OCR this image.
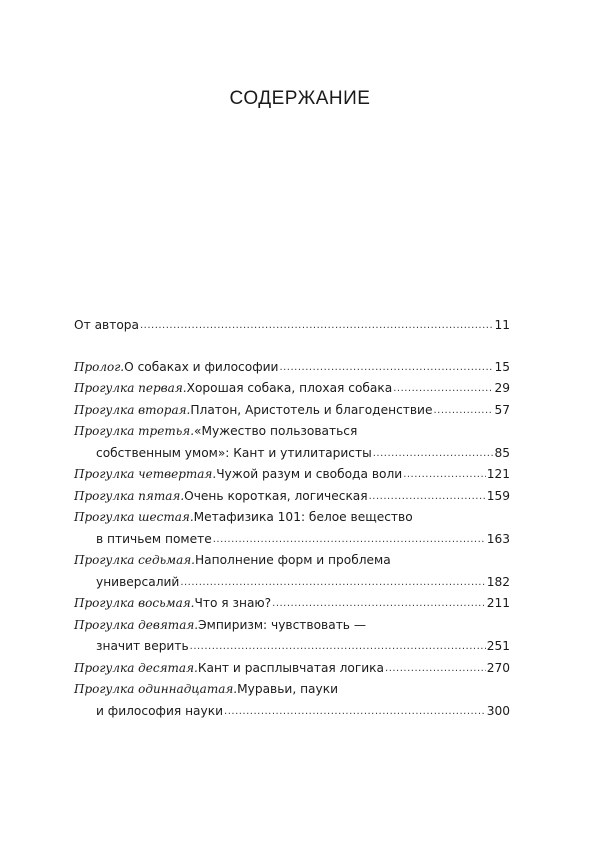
СОДЕРЖАНИЕ
От автора .....	11
Пролог. О собаках и философии .....	15
Прогулка первая. Хорошая собака, плохая собака .....	29
Прогулка вторая. Платон, Аристотель и благоденствие .....	57
Прогулка третья. «Мужество пользоваться
собственным умом»: Кант и утилитаристы .....	85
Прогулка четвертая. Чужой разум и свобода воли .....	121
Прогулка пятая. Очень короткая, логическая .....	159
Прогулка шестая. Метафизика 101: белое вещество
в птичьем помете .....	163
Прогулка седьмая. Наполнение форм и проблема
универсалий .....	182
Прогулка восьмая. Что я знаю? .....	211
Прогулка девятая. Эмпиризм: чувствовать —
значит верить .....	251
Прогулка десятая. Кант и расплывчатая логика .....	270
Прогулка одиннадцатая. Муравьи, пауки
и философия науки .....	300
